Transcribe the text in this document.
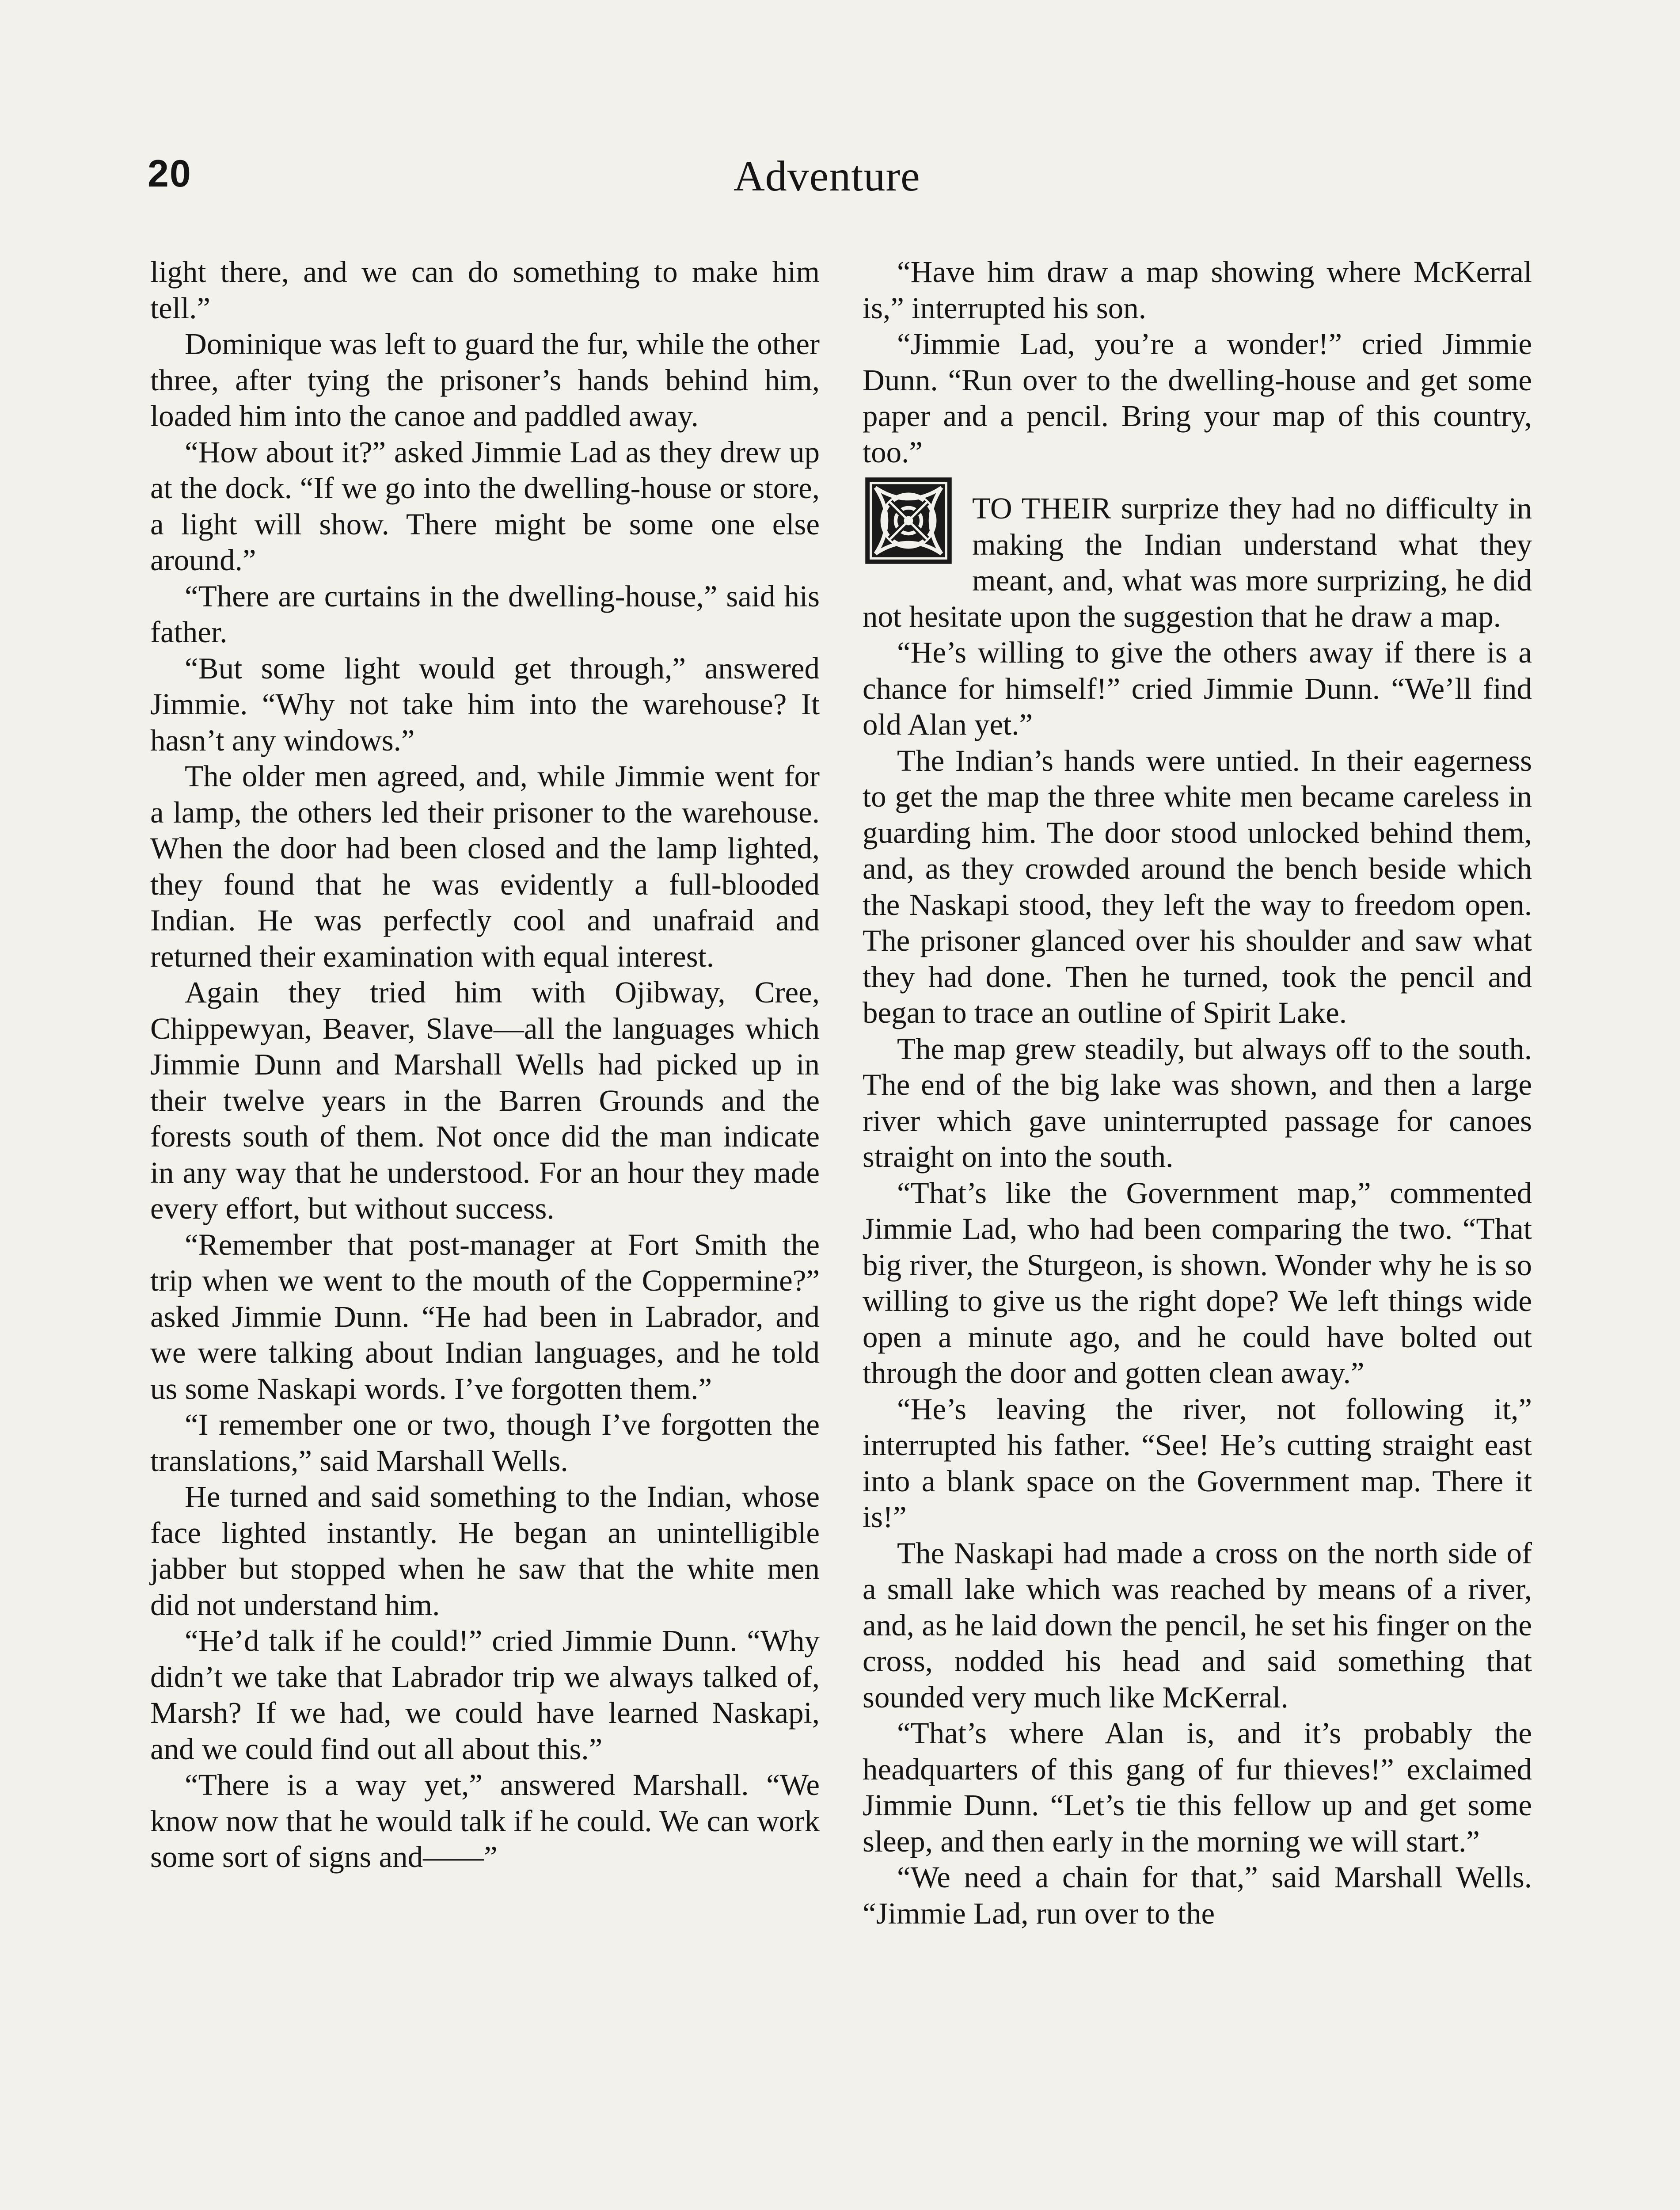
20	Adventure

light there, and we can do something to make him tell.”

Dominique was left to guard the fur, while the other three, after tying the prisoner’s hands behind him, loaded him into the canoe and paddled away.

“How about it?” asked Jimmie Lad as they drew up at the dock. “If we go into the dwelling-house or store, a light will show. There might be some one else around.”

“There are curtains in the dwelling-house,” said his father.

“But some light would get through,” answered Jimmie. “Why not take him into the warehouse? It hasn’t any windows.”

The older men agreed, and, while Jimmie went for a lamp, the others led their prisoner to the warehouse. When the door had been closed and the lamp lighted, they found that he was evidently a full-blooded Indian. He was perfectly cool and unafraid and returned their examination with equal interest.

Again they tried him with Ojibway, Cree, Chippewyan, Beaver, Slave—all the languages which Jimmie Dunn and Marshall Wells had picked up in their twelve years in the Barren Grounds and the forests south of them. Not once did the man indicate in any way that he understood. For an hour they made every effort, but without success.

“Remember that post-manager at Fort Smith the trip when we went to the mouth of the Coppermine?” asked Jimmie Dunn. “He had been in Labrador, and we were talking about Indian languages, and he told us some Naskapi words. I’ve forgotten them.”

“I remember one or two, though I’ve forgotten the translations,” said Marshall Wells.

He turned and said something to the Indian, whose face lighted instantly. He began an unintelligible jabber but stopped when he saw that the white men did not understand him.

“He’d talk if he could!” cried Jimmie Dunn. “Why didn’t we take that Labrador trip we always talked of, Marsh? If we had, we could have learned Naskapi, and we could find out all about this.”

“There is a way yet,” answered Marshall. “We know now that he would talk if he could. We can work some sort of signs and——”

“Have him draw a map showing where McKerral is,” interrupted his son.

“Jimmie Lad, you’re a wonder!” cried Jimmie Dunn. “Run over to the dwelling-house and get some paper and a pencil. Bring your map of this country, too.”

TO THEIR surprize they had no difficulty in making the Indian understand what they meant, and, what was more surprizing, he did not hesitate upon the suggestion that he draw a map.

“He’s willing to give the others away if there is a chance for himself!” cried Jimmie Dunn. “We’ll find old Alan yet.”

The Indian’s hands were untied. In their eagerness to get the map the three white men became careless in guarding him. The door stood unlocked behind them, and, as they crowded around the bench beside which the Naskapi stood, they left the way to freedom open. The prisoner glanced over his shoulder and saw what they had done. Then he turned, took the pencil and began to trace an outline of Spirit Lake.

The map grew steadily, but always off to the south. The end of the big lake was shown, and then a large river which gave uninterrupted passage for canoes straight on into the south.

“That’s like the Government map,” commented Jimmie Lad, who had been comparing the two. “That big river, the Sturgeon, is shown. Wonder why he is so willing to give us the right dope? We left things wide open a minute ago, and he could have bolted out through the door and gotten clean away.”

“He’s leaving the river, not following it,” interrupted his father. “See! He’s cutting straight east into a blank space on the Government map. There it is!”

The Naskapi had made a cross on the north side of a small lake which was reached by means of a river, and, as he laid down the pencil, he set his finger on the cross, nodded his head and said something that sounded very much like McKerral.

“That’s where Alan is, and it’s probably the headquarters of this gang of fur thieves!” exclaimed Jimmie Dunn. “Let’s tie this fellow up and get some sleep, and then early in the morning we will start.”

“We need a chain for that,” said Marshall Wells. “Jimmie Lad, run over to the
